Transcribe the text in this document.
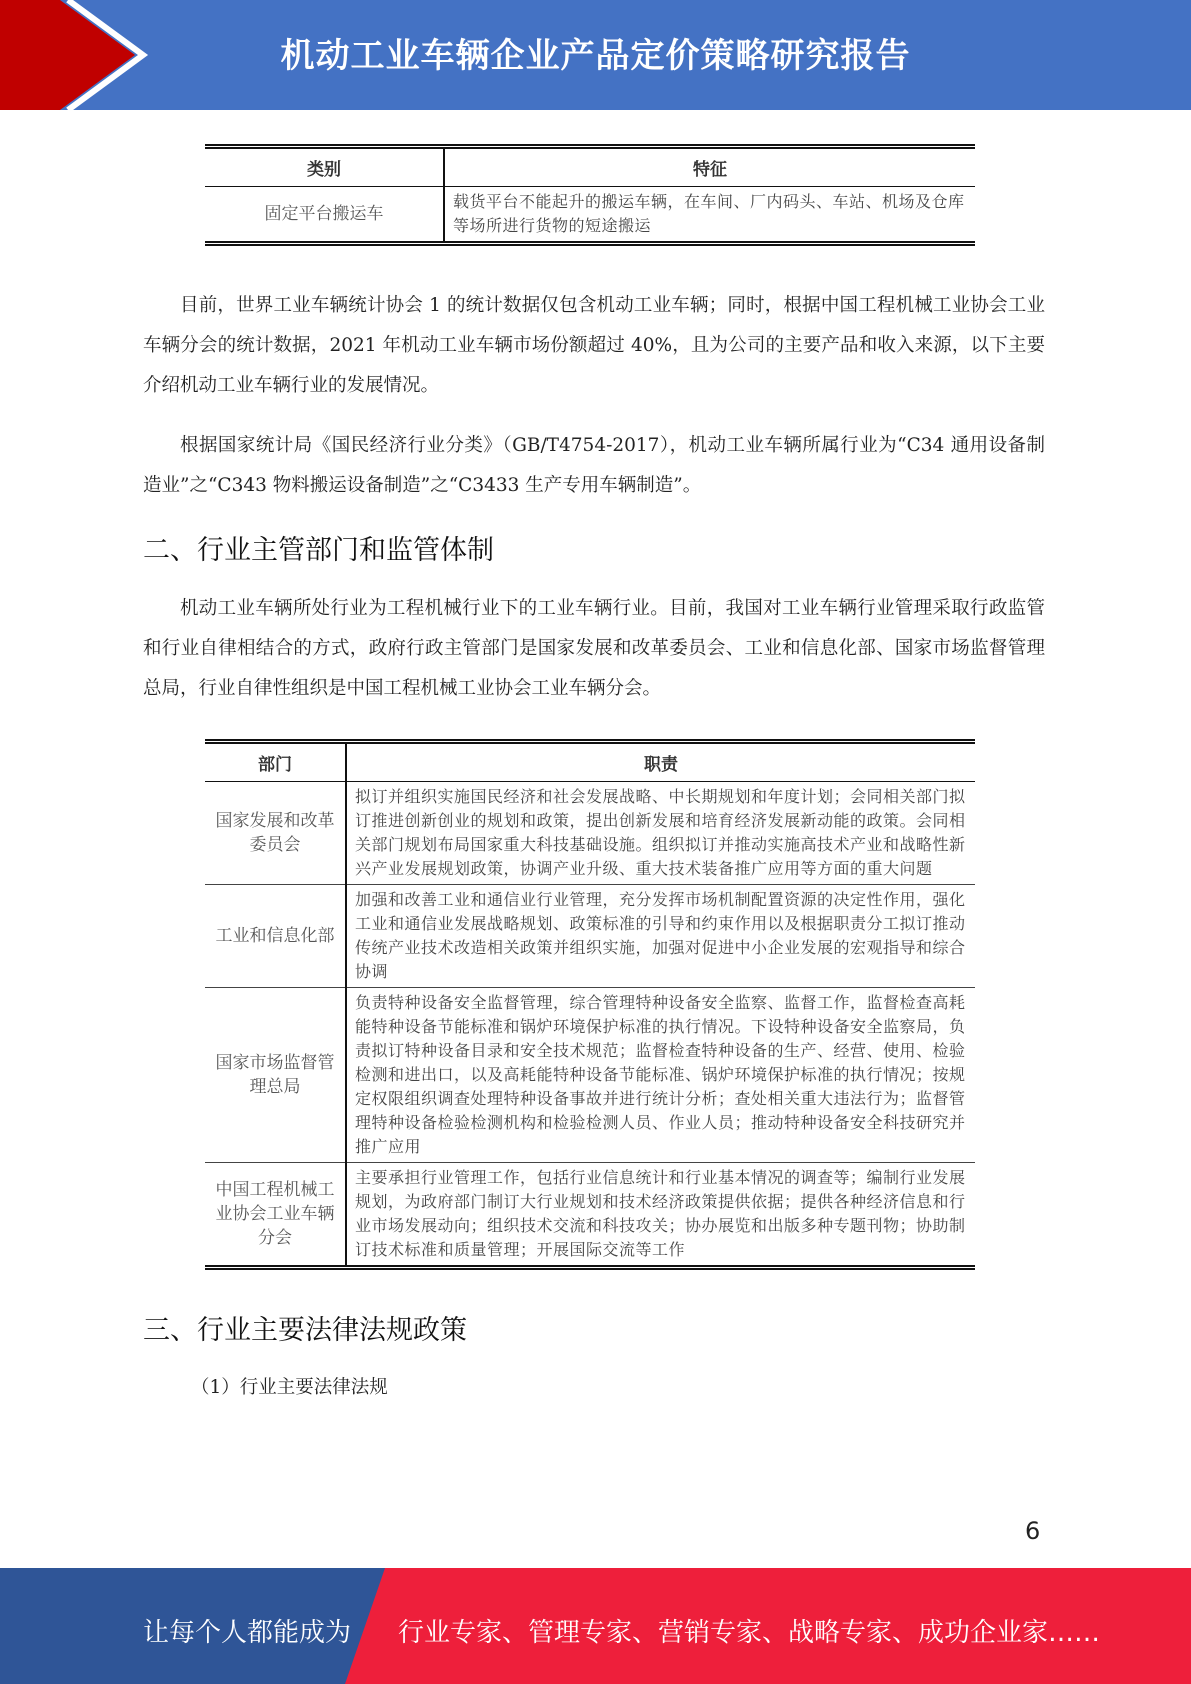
机动工业车辆企业产品定价策略研究报告
类别	特征
固定平台搬运车	载货平台不能起升的搬运车辆，在车间、厂内码头、车站、机场及仓库等场所进行货物的短途搬运

目前，世界工业车辆统计协会 1 的统计数据仅包含机动工业车辆；同时，根据中国工程机械工业协会工业车辆分会的统计数据，2021 年机动工业车辆市场份额超过 40%，且为公司的主要产品和收入来源，以下主要介绍机动工业车辆行业的发展情况。

根据国家统计局《国民经济行业分类》（GB/T4754-2017），机动工业车辆所属行业为“C34 通用设备制造业”之“C343 物料搬运设备制造”之“C3433 生产专用车辆制造”。

二、行业主管部门和监管体制

机动工业车辆所处行业为工程机械行业下的工业车辆行业。目前，我国对工业车辆行业管理采取行政监管和行业自律相结合的方式，政府行政主管部门是国家发展和改革委员会、工业和信息化部、国家市场监督管理总局，行业自律性组织是中国工程机械工业协会工业车辆分会。

部门	职责
国家发展和改革委员会	拟订并组织实施国民经济和社会发展战略、中长期规划和年度计划；会同相关部门拟订推进创新创业的规划和政策，提出创新发展和培育经济发展新动能的政策。会同相关部门规划布局国家重大科技基础设施。组织拟订并推动实施高技术产业和战略性新兴产业发展规划政策，协调产业升级、重大技术装备推广应用等方面的重大问题
工业和信息化部	加强和改善工业和通信业行业管理，充分发挥市场机制配置资源的决定性作用，强化工业和通信业发展战略规划、政策标准的引导和约束作用以及根据职责分工拟订推动传统产业技术改造相关政策并组织实施，加强对促进中小企业发展的宏观指导和综合协调
国家市场监督管理总局	负责特种设备安全监督管理，综合管理特种设备安全监察、监督工作，监督检查高耗能特种设备节能标准和锅炉环境保护标准的执行情况。下设特种设备安全监察局，负责拟订特种设备目录和安全技术规范；监督检查特种设备的生产、经营、使用、检验检测和进出口，以及高耗能特种设备节能标准、锅炉环境保护标准的执行情况；按规定权限组织调查处理特种设备事故并进行统计分析；查处相关重大违法行为；监督管理特种设备检验检测机构和检验检测人员、作业人员；推动特种设备安全科技研究并推广应用
中国工程机械工业协会工业车辆分会	主要承担行业管理工作，包括行业信息统计和行业基本情况的调查等；编制行业发展规划，为政府部门制订大行业规划和技术经济政策提供依据；提供各种经济信息和行业市场发展动向；组织技术交流和科技攻关；协办展览和出版多种专题刊物；协助制订技术标准和质量管理；开展国际交流等工作
三、行业主要法律法规政策
（1）行业主要法律法规
6
让每个人都能成为 行业专家、管理专家、营销专家、战略专家、成功企业家……
